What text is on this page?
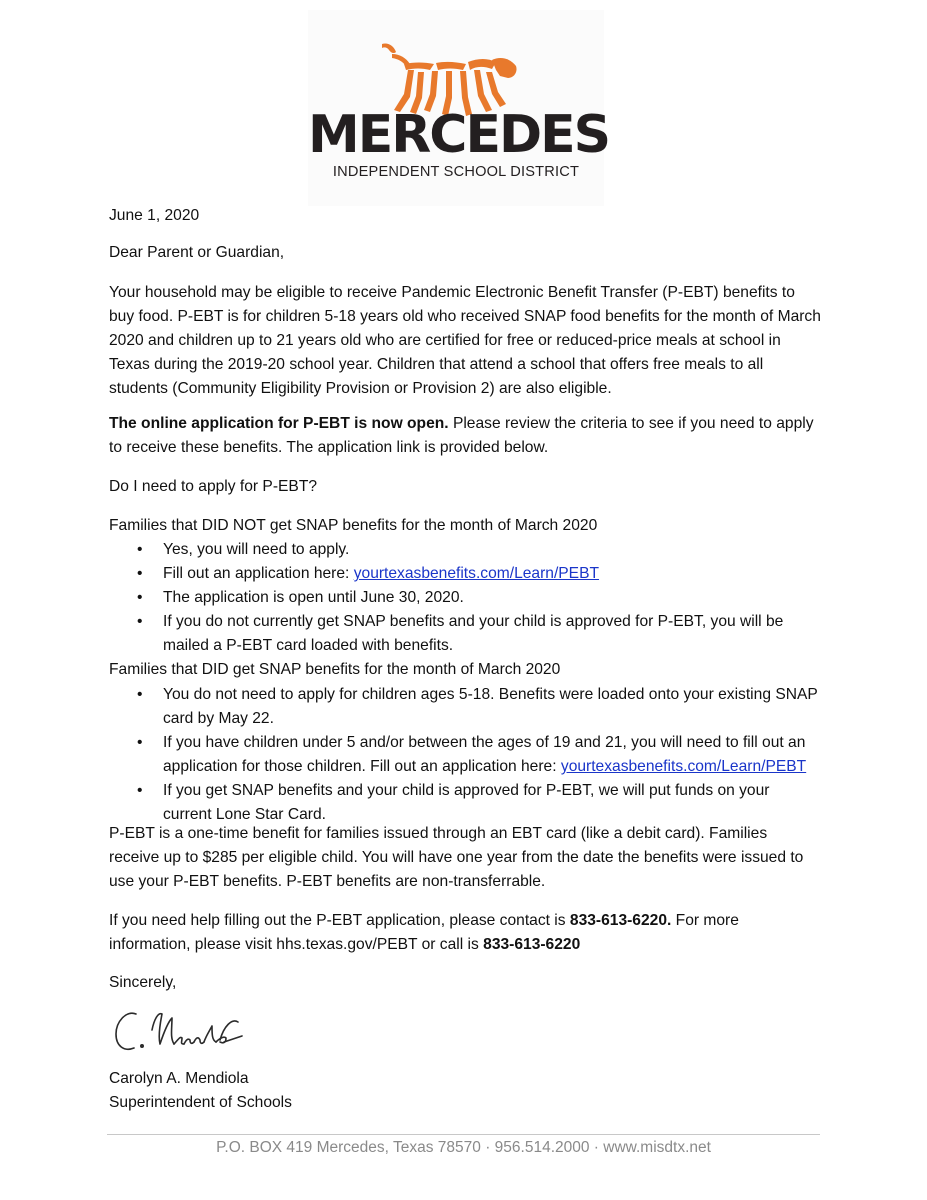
MERCEDES
INDEPENDENT SCHOOL DISTRICT

June 1, 2020

Dear Parent or Guardian,

Your household may be eligible to receive Pandemic Electronic Benefit Transfer (P-EBT) benefits to buy food. P-EBT is for children 5-18 years old who received SNAP food benefits for the month of March 2020 and children up to 21 years old who are certified for free or reduced-price meals at school in Texas during the 2019-20 school year. Children that attend a school that offers free meals to all students (Community Eligibility Provision or Provision 2) are also eligible.

The online application for P-EBT is now open. Please review the criteria to see if you need to apply to receive these benefits. The application link is provided below.

Do I need to apply for P-EBT?

Families that DID NOT get SNAP benefits for the month of March 2020

• Yes, you will need to apply.
• Fill out an application here: yourtexasbenefits.com/Learn/PEBT
• The application is open until June 30, 2020.
• If you do not currently get SNAP benefits and your child is approved for P-EBT, you will be mailed a P-EBT card loaded with benefits.

Families that DID get SNAP benefits for the month of March 2020

• You do not need to apply for children ages 5-18. Benefits were loaded onto your existing SNAP card by May 22.
• If you have children under 5 and/or between the ages of 19 and 21, you will need to fill out an application for those children. Fill out an application here: yourtexasbenefits.com/Learn/PEBT
• If you get SNAP benefits and your child is approved for P-EBT, we will put funds on your current Lone Star Card.

P-EBT is a one-time benefit for families issued through an EBT card (like a debit card). Families receive up to $285 per eligible child. You will have one year from the date the benefits were issued to use your P-EBT benefits. P-EBT benefits are non-transferrable.

If you need help filling out the P-EBT application, please contact is 833-613-6220. For more information, please visit hhs.texas.gov/PEBT or call is 833-613-6220

Sincerely,

Carolyn A. Mendiola

Superintendent of Schools

P.O. BOX 419 Mercedes, Texas 78570 · 956.514.2000 · www.misdtx.net
